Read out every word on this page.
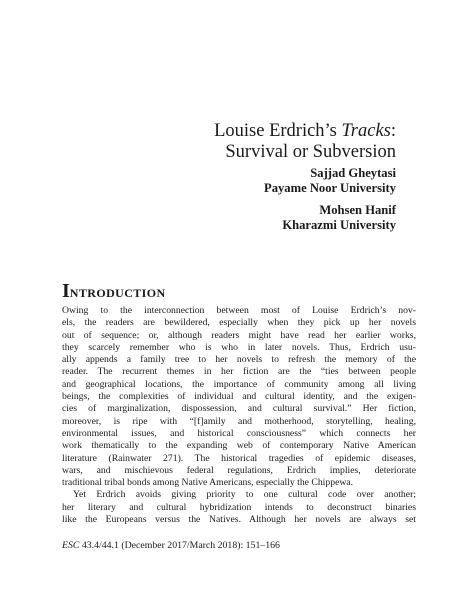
Louise Erdrich’s Tracks:
Survival or Subversion
Sajjad Gheytasi
Payame Noor University
Mohsen Hanif
Kharazmi University
INTRODUCTION
Owing to the interconnection between most of Louise Erdrich’s nov-
els, the readers are bewildered, especially when they pick up her novels
out of sequence; or, although readers might have read her earlier works,
they scarcely remember who is who in later novels. Thus, Erdrich usu-
ally appends a family tree to her novels to refresh the memory of the
reader. The recurrent themes in her fiction are the “ties between people
and geographical locations, the importance of community among all living
beings, the complexities of individual and cultural identity, and the exigen-
cies of marginalization, dispossession, and cultural survival.” Her fiction,
moreover, is ripe with “[f]amily and motherhood, storytelling, healing,
environmental issues, and historical consciousness” which connects her
work thematically to the expanding web of contemporary Native American
literature (Rainwater 271). The historical tragedies of epidemic diseases,
wars, and mischievous federal regulations, Erdrich implies, deteriorate
traditional tribal bonds among Native Americans, especially the Chippewa.
Yet Erdrich avoids giving priority to one cultural code over another;
her literary and cultural hybridization intends to deconstruct binaries
like the Europeans versus the Natives. Although her novels are always set
ESC 43.4/44.1 (December 2017/March 2018): 151–166
